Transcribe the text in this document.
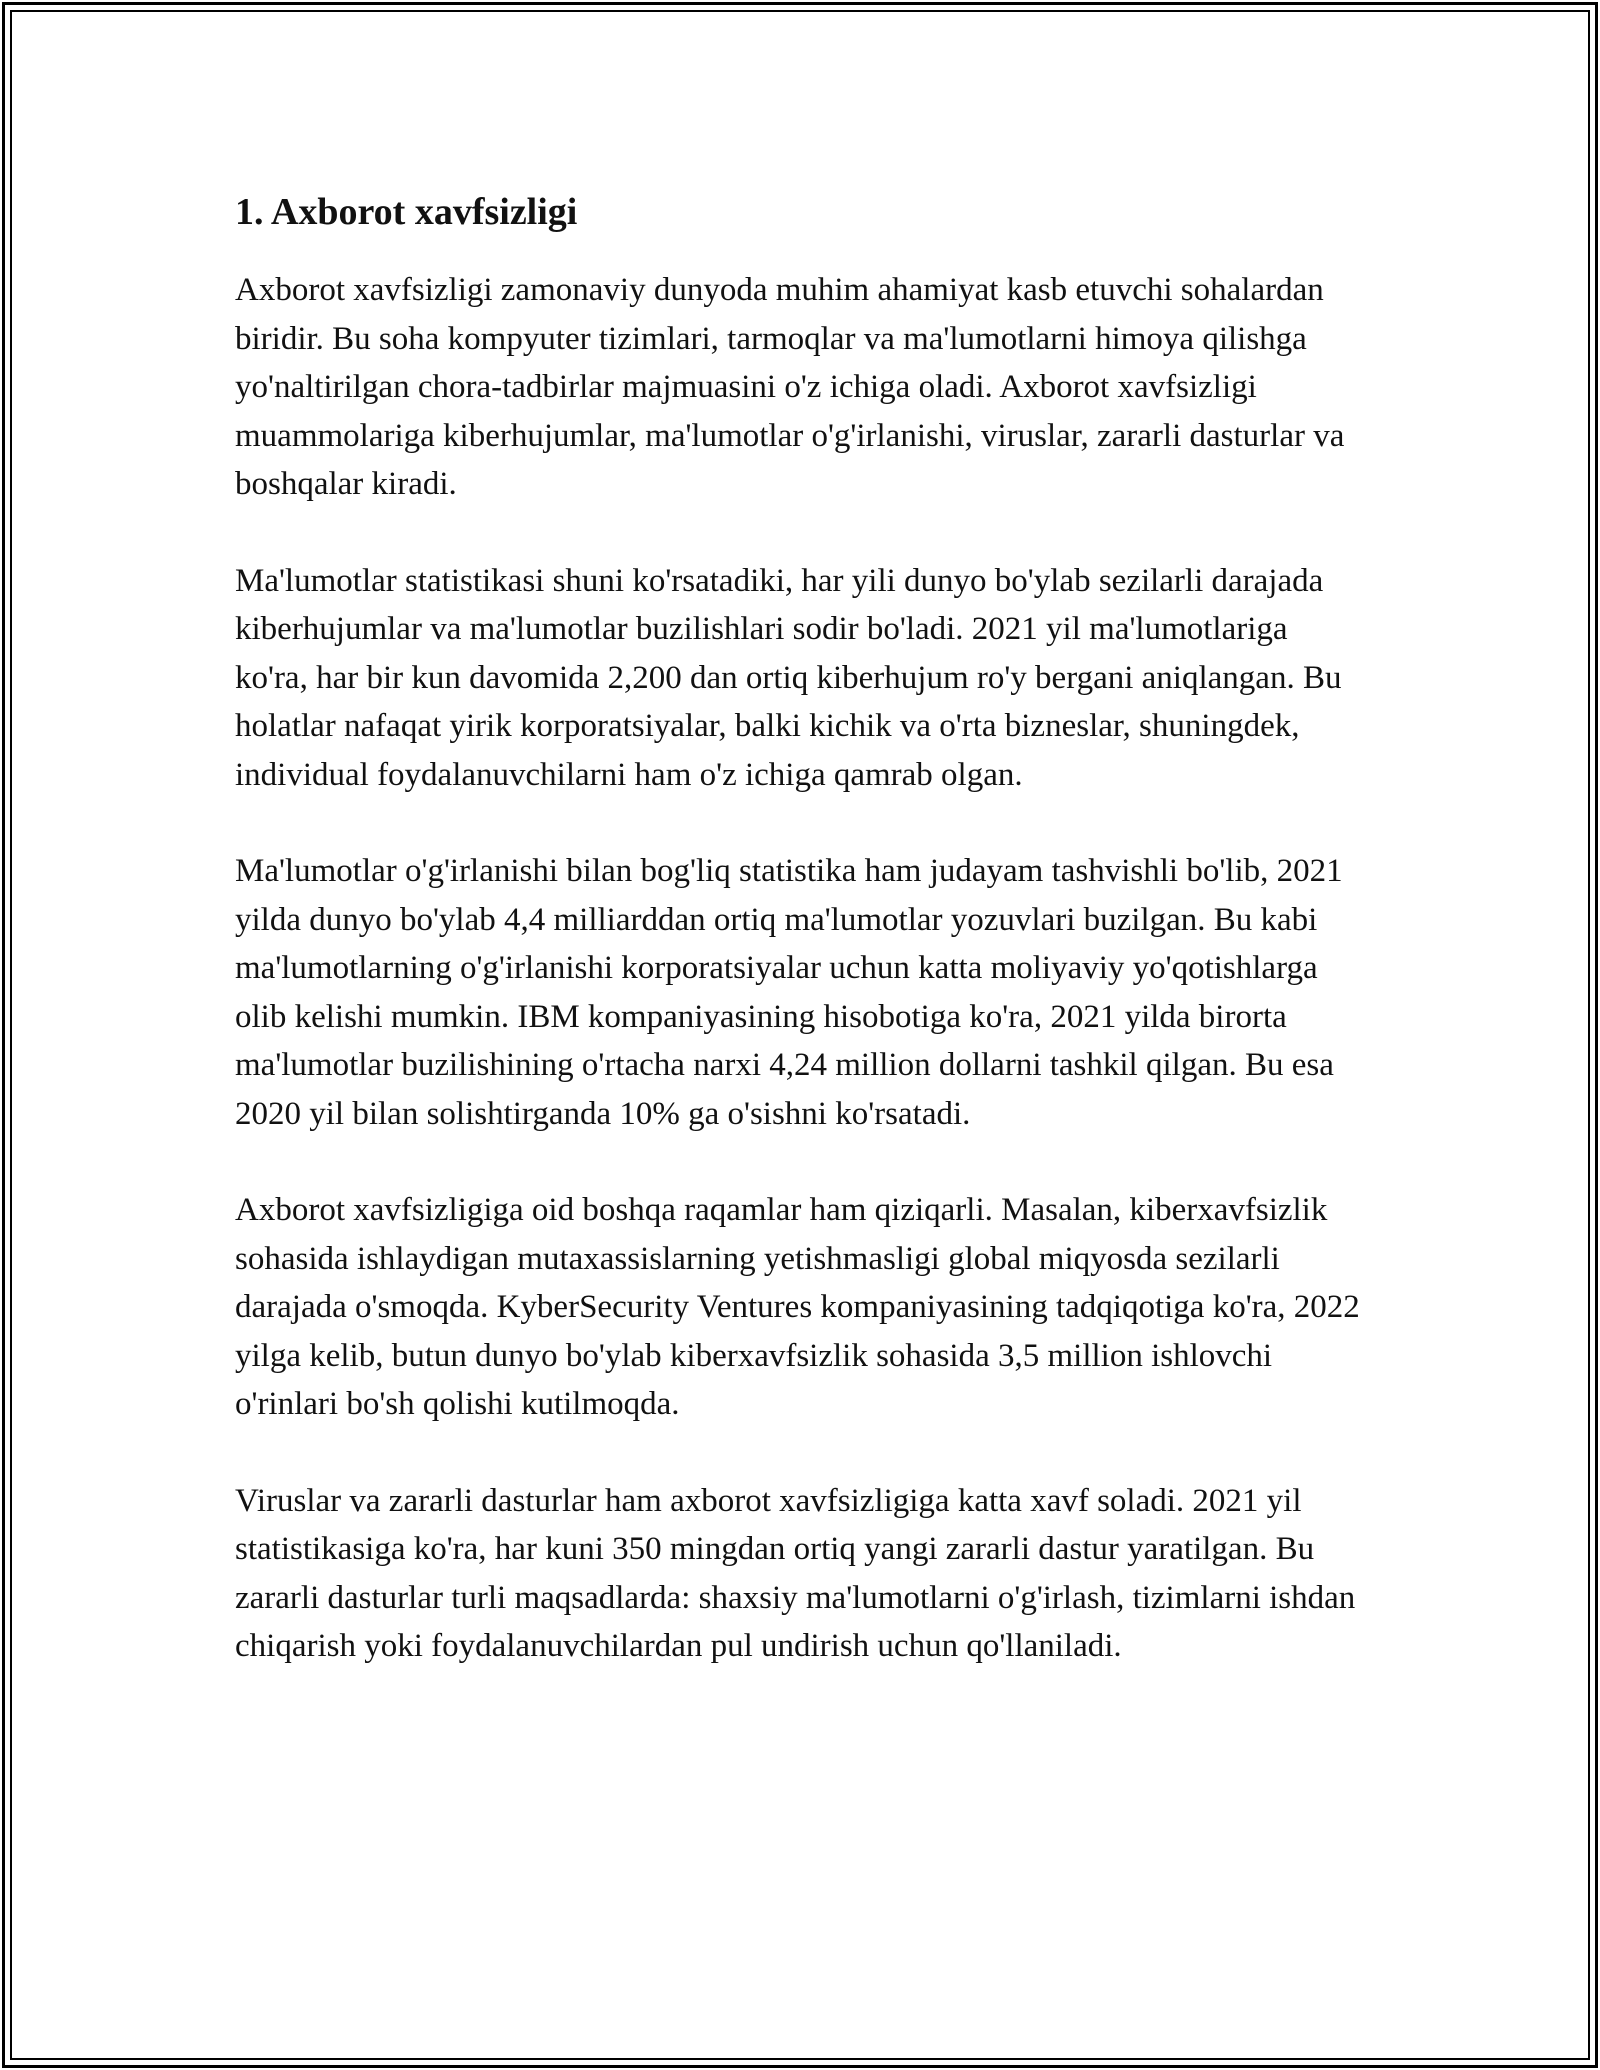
1. Axborot xavfsizligi

Axborot xavfsizligi zamonaviy dunyoda muhim ahamiyat kasb etuvchi sohalardan biridir. Bu soha kompyuter tizimlari, tarmoqlar va ma'lumotlarni himoya qilishga yo'naltirilgan chora-tadbirlar majmuasini o'z ichiga oladi. Axborot xavfsizligi muammolariga kiberhujumlar, ma'lumotlar o'g'irlanishi, viruslar, zararli dasturlar va boshqalar kiradi.

Ma'lumotlar statistikasi shuni ko'rsatadiki, har yili dunyo bo'ylab sezilarli darajada kiberhujumlar va ma'lumotlar buzilishlari sodir bo'ladi. 2021 yil ma'lumotlariga ko'ra, har bir kun davomida 2,200 dan ortiq kiberhujum ro'y bergani aniqlangan. Bu holatlar nafaqat yirik korporatsiyalar, balki kichik va o'rta bizneslar, shuningdek, individual foydalanuvchilarni ham o'z ichiga qamrab olgan.

Ma'lumotlar o'g'irlanishi bilan bog'liq statistika ham judayam tashvishli bo'lib, 2021 yilda dunyo bo'ylab 4,4 milliarddan ortiq ma'lumotlar yozuvlari buzilgan. Bu kabi ma'lumotlarning o'g'irlanishi korporatsiyalar uchun katta moliyaviy yo'qotishlarga olib kelishi mumkin. IBM kompaniyasining hisobotiga ko'ra, 2021 yilda birorta ma'lumotlar buzilishining o'rtacha narxi 4,24 million dollarni tashkil qilgan. Bu esa 2020 yil bilan solishtirganda 10% ga o'sishni ko'rsatadi.

Axborot xavfsizligiga oid boshqa raqamlar ham qiziqarli. Masalan, kiberxavfsizlik sohasida ishlaydigan mutaxassislarning yetishmasligi global miqyosda sezilarli darajada o'smoqda. KyberSecurity Ventures kompaniyasining tadqiqotiga ko'ra, 2022 yilga kelib, butun dunyo bo'ylab kiberxavfsizlik sohasida 3,5 million ishlovchi o'rinlari bo'sh qolishi kutilmoqda.

Viruslar va zararli dasturlar ham axborot xavfsizligiga katta xavf soladi. 2021 yil statistikasiga ko'ra, har kuni 350 mingdan ortiq yangi zararli dastur yaratilgan. Bu zararli dasturlar turli maqsadlarda: shaxsiy ma'lumotlarni o'g'irlash, tizimlarni ishdan chiqarish yoki foydalanuvchilardan pul undirish uchun qo'llaniladi.
